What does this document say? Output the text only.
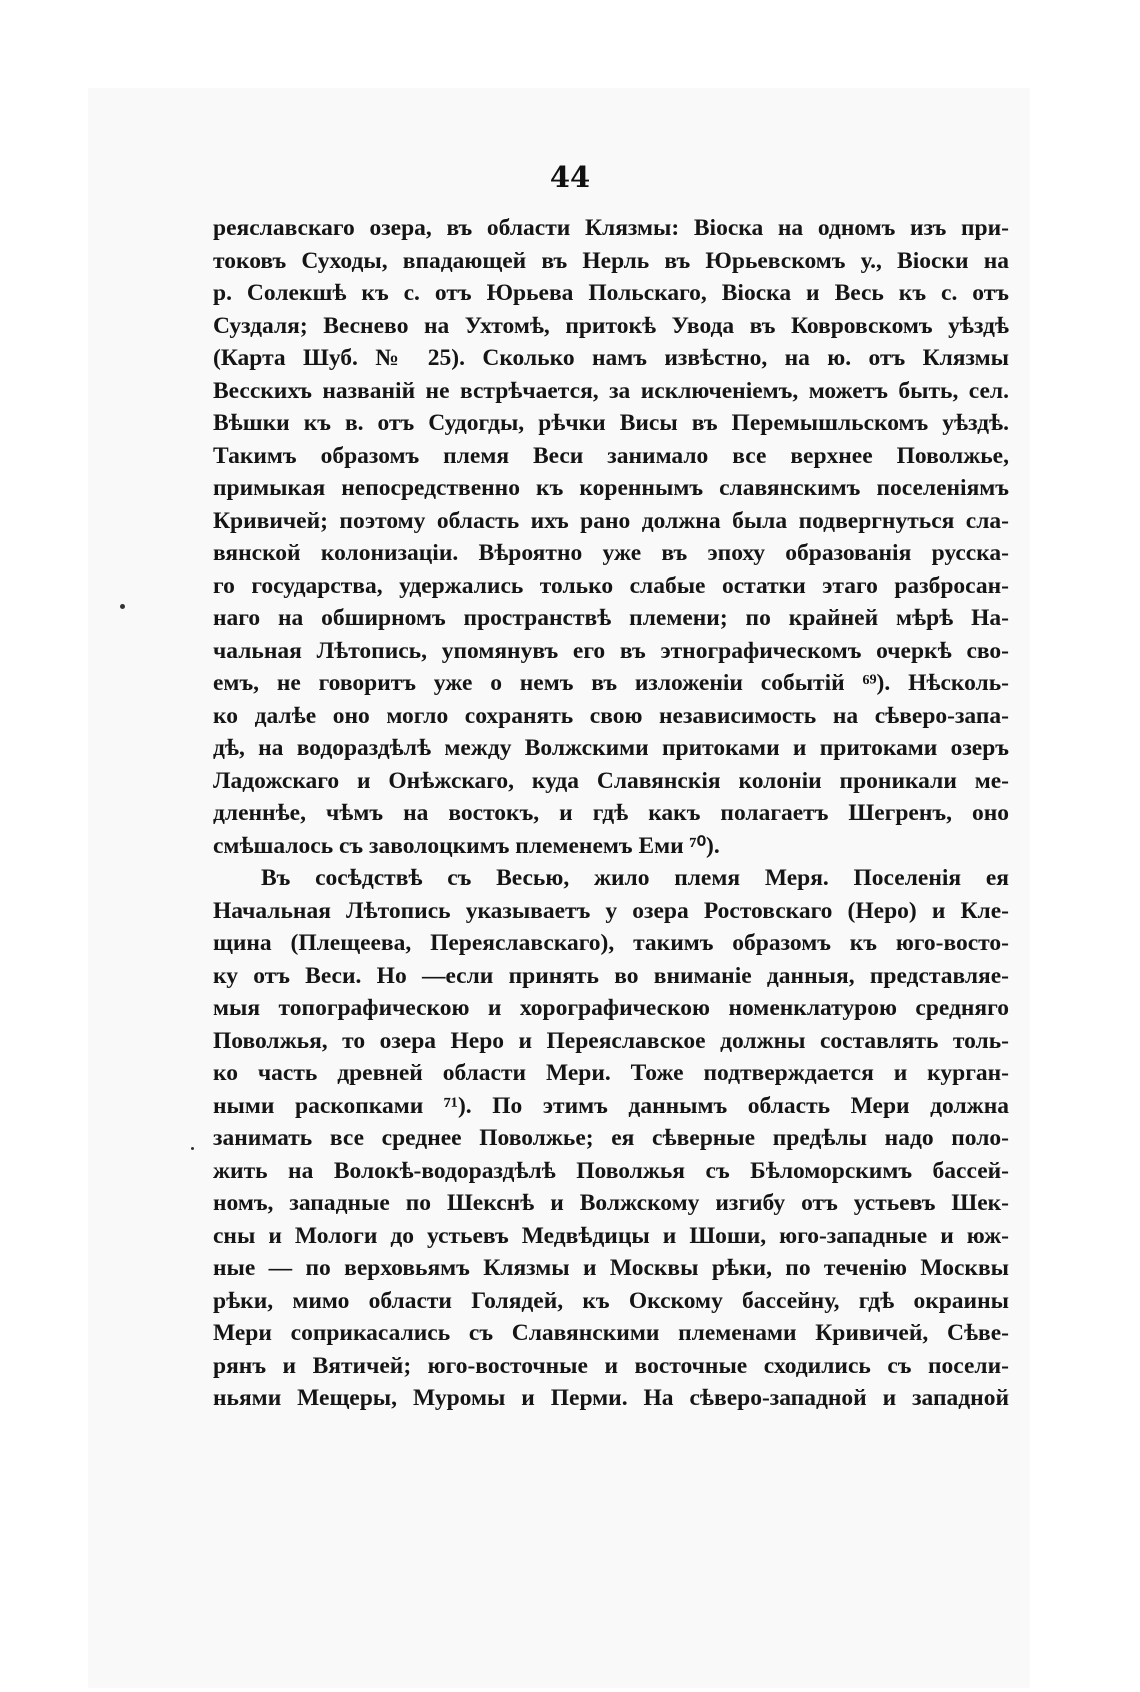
44
реяславскаго озера, въ области Клязмы: Віоска на одномъ изъ при-
токовъ Суходы, впадающей въ Нерль въ Юрьевскомъ у., Віоски на
р. Солекшѣ къ с. отъ Юрьева Польскаго, Віоска и Весь къ с. отъ
Суздаля; Весневο на Ухтомѣ, притокѣ Увода въ Ковровскомъ уѣздѣ
(Карта Шуб. № 25). Сколько намъ извѣстно, на ю. отъ Клязмы
Весскихъ названій не встрѣчается, за исключеніемъ, можетъ быть, сел.
Вѣшки къ в. отъ Судогды, рѣчки Висы въ Перемышльскомъ уѣздѣ.
Такимъ образомъ племя Веси занимало все верхнее Поволжье,
примыкая непосредственно къ кореннымъ славянскимъ поселеніямъ
Кривичей; поэтому область ихъ рано должна была подвергнуться сла-
вянской колонизаціи. Вѣроятно уже въ эпоху образованія русска-
го государства, удержались только слабые остатки этаго разбросан-
наго на обширномъ пространствѣ племени; по крайней мѣрѣ На-
чальная Лѣтопись, упомянувъ его въ этнографическомъ очеркѣ сво-
емъ, не говоритъ уже о немъ въ изложеніи событій ⁶⁹). Нѣсколь-
ко далѣе оно могло сохранять свою независимость на сѣверо-запа-
дѣ, на водораздѣлѣ между Волжскими притоками и притоками озеръ
Ладожскаго и Онѣжскаго, куда Славянскія колоніи проникали ме-
дленнѣе, чѣмъ на востокъ, и гдѣ какъ полагаетъ Шегренъ, оно
смѣшалось съ заволоцкимъ племенемъ Еми ⁷⁰).
Въ сосѣдствѣ съ Весью, жило племя Меря. Поселенія ея
Начальная Лѣтопись указываетъ у озера Ростовскаго (Неро) и Кле-
щина (Плещеева, Переяславскаго), такимъ образомъ къ юго-восто-
ку отъ Веси. Но —если принять во вниманіе данныя, представляе-
мыя топографическою и хорографическою номенклатурою средняго
Поволжья, то озера Неро и Переяславское должны составлять толь-
ко часть древней области Мери. Тоже подтверждается и курган-
ными раскопками ⁷¹). По этимъ даннымъ область Мери должна
занимать все среднее Поволжье; ея сѣверные предѣлы надо поло-
жить на Волокѣ-водораздѣлѣ Поволжья съ Бѣломорскимъ бассей-
номъ, западные по Шекснѣ и Волжскому изгибу отъ устьевъ Шек-
сны и Мологи до устьевъ Медвѣдицы и Шоши, юго-западные и юж-
ные — по верховьямъ Клязмы и Москвы рѣки, по теченію Москвы
рѣки, мимо области Голядей, къ Окскому бассейну, гдѣ окраины
Мери соприкасались съ Славянскими племенами Кривичей, Сѣве-
рянъ и Вятичей; юго-восточные и восточные сходились съ посели-
ньями Мещеры, Муромы и Перми. На сѣверо-западной и западной
